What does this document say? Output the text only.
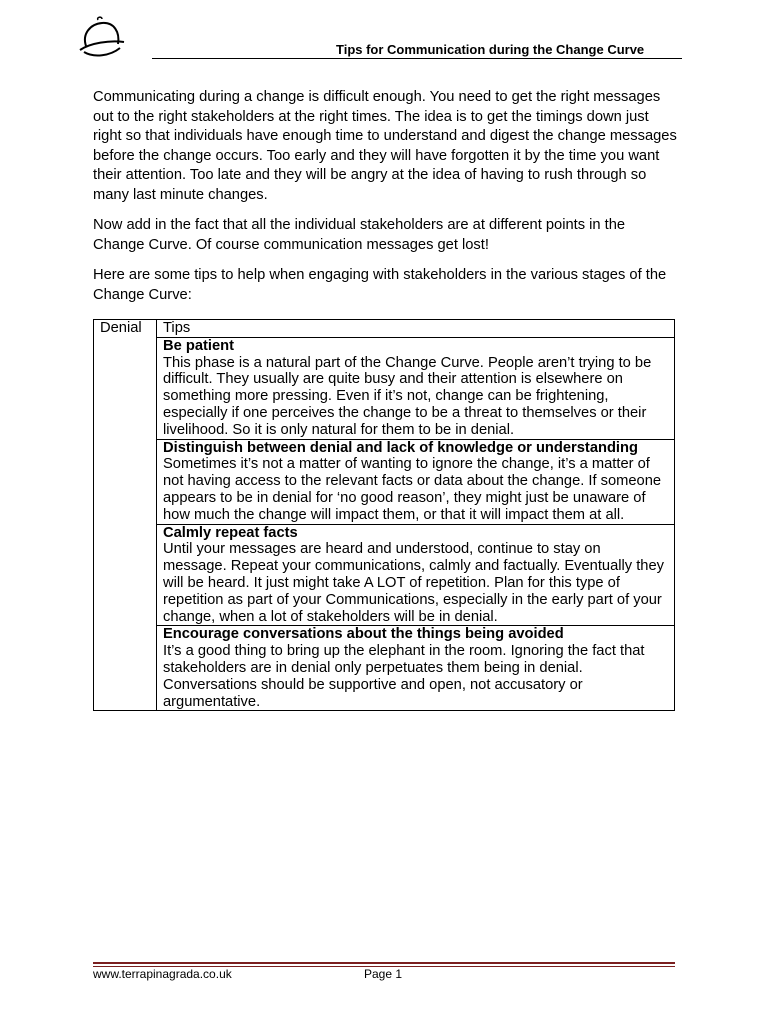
Tips for Communication during the Change Curve

Communicating during a change is difficult enough. You need to get the right messages out to the right stakeholders at the right times. The idea is to get the timings down just right so that individuals have enough time to understand and digest the change messages before the change occurs. Too early and they will have forgotten it by the time you want their attention. Too late and they will be angry at the idea of having to rush through so many last minute changes.

Now add in the fact that all the individual stakeholders are at different points in the Change Curve. Of course communication messages get lost!

Here are some tips to help when engaging with stakeholders in the various stages of the Change Curve:

Denial	Tips

Be patient
This phase is a natural part of the Change Curve. People aren’t trying to be difficult. They usually are quite busy and their attention is elsewhere on something more pressing. Even if it’s not, change can be frightening, especially if one perceives the change to be a threat to themselves or their livelihood. So it is only natural for them to be in denial.

Distinguish between denial and lack of knowledge or understanding
Sometimes it’s not a matter of wanting to ignore the change, it’s a matter of not having access to the relevant facts or data about the change. If someone appears to be in denial for ‘no good reason’, they might just be unaware of how much the change will impact them, or that it will impact them at all.

Calmly repeat facts
Until your messages are heard and understood, continue to stay on message. Repeat your communications, calmly and factually. Eventually they will be heard. It just might take A LOT of repetition. Plan for this type of repetition as part of your Communications, especially in the early part of your change, when a lot of stakeholders will be in denial.

Encourage conversations about the things being avoided
It’s a good thing to bring up the elephant in the room. Ignoring the fact that stakeholders are in denial only perpetuates them being in denial. Conversations should be supportive and open, not accusatory or argumentative.
www.terrapinagrada.co.uk	Page 1
